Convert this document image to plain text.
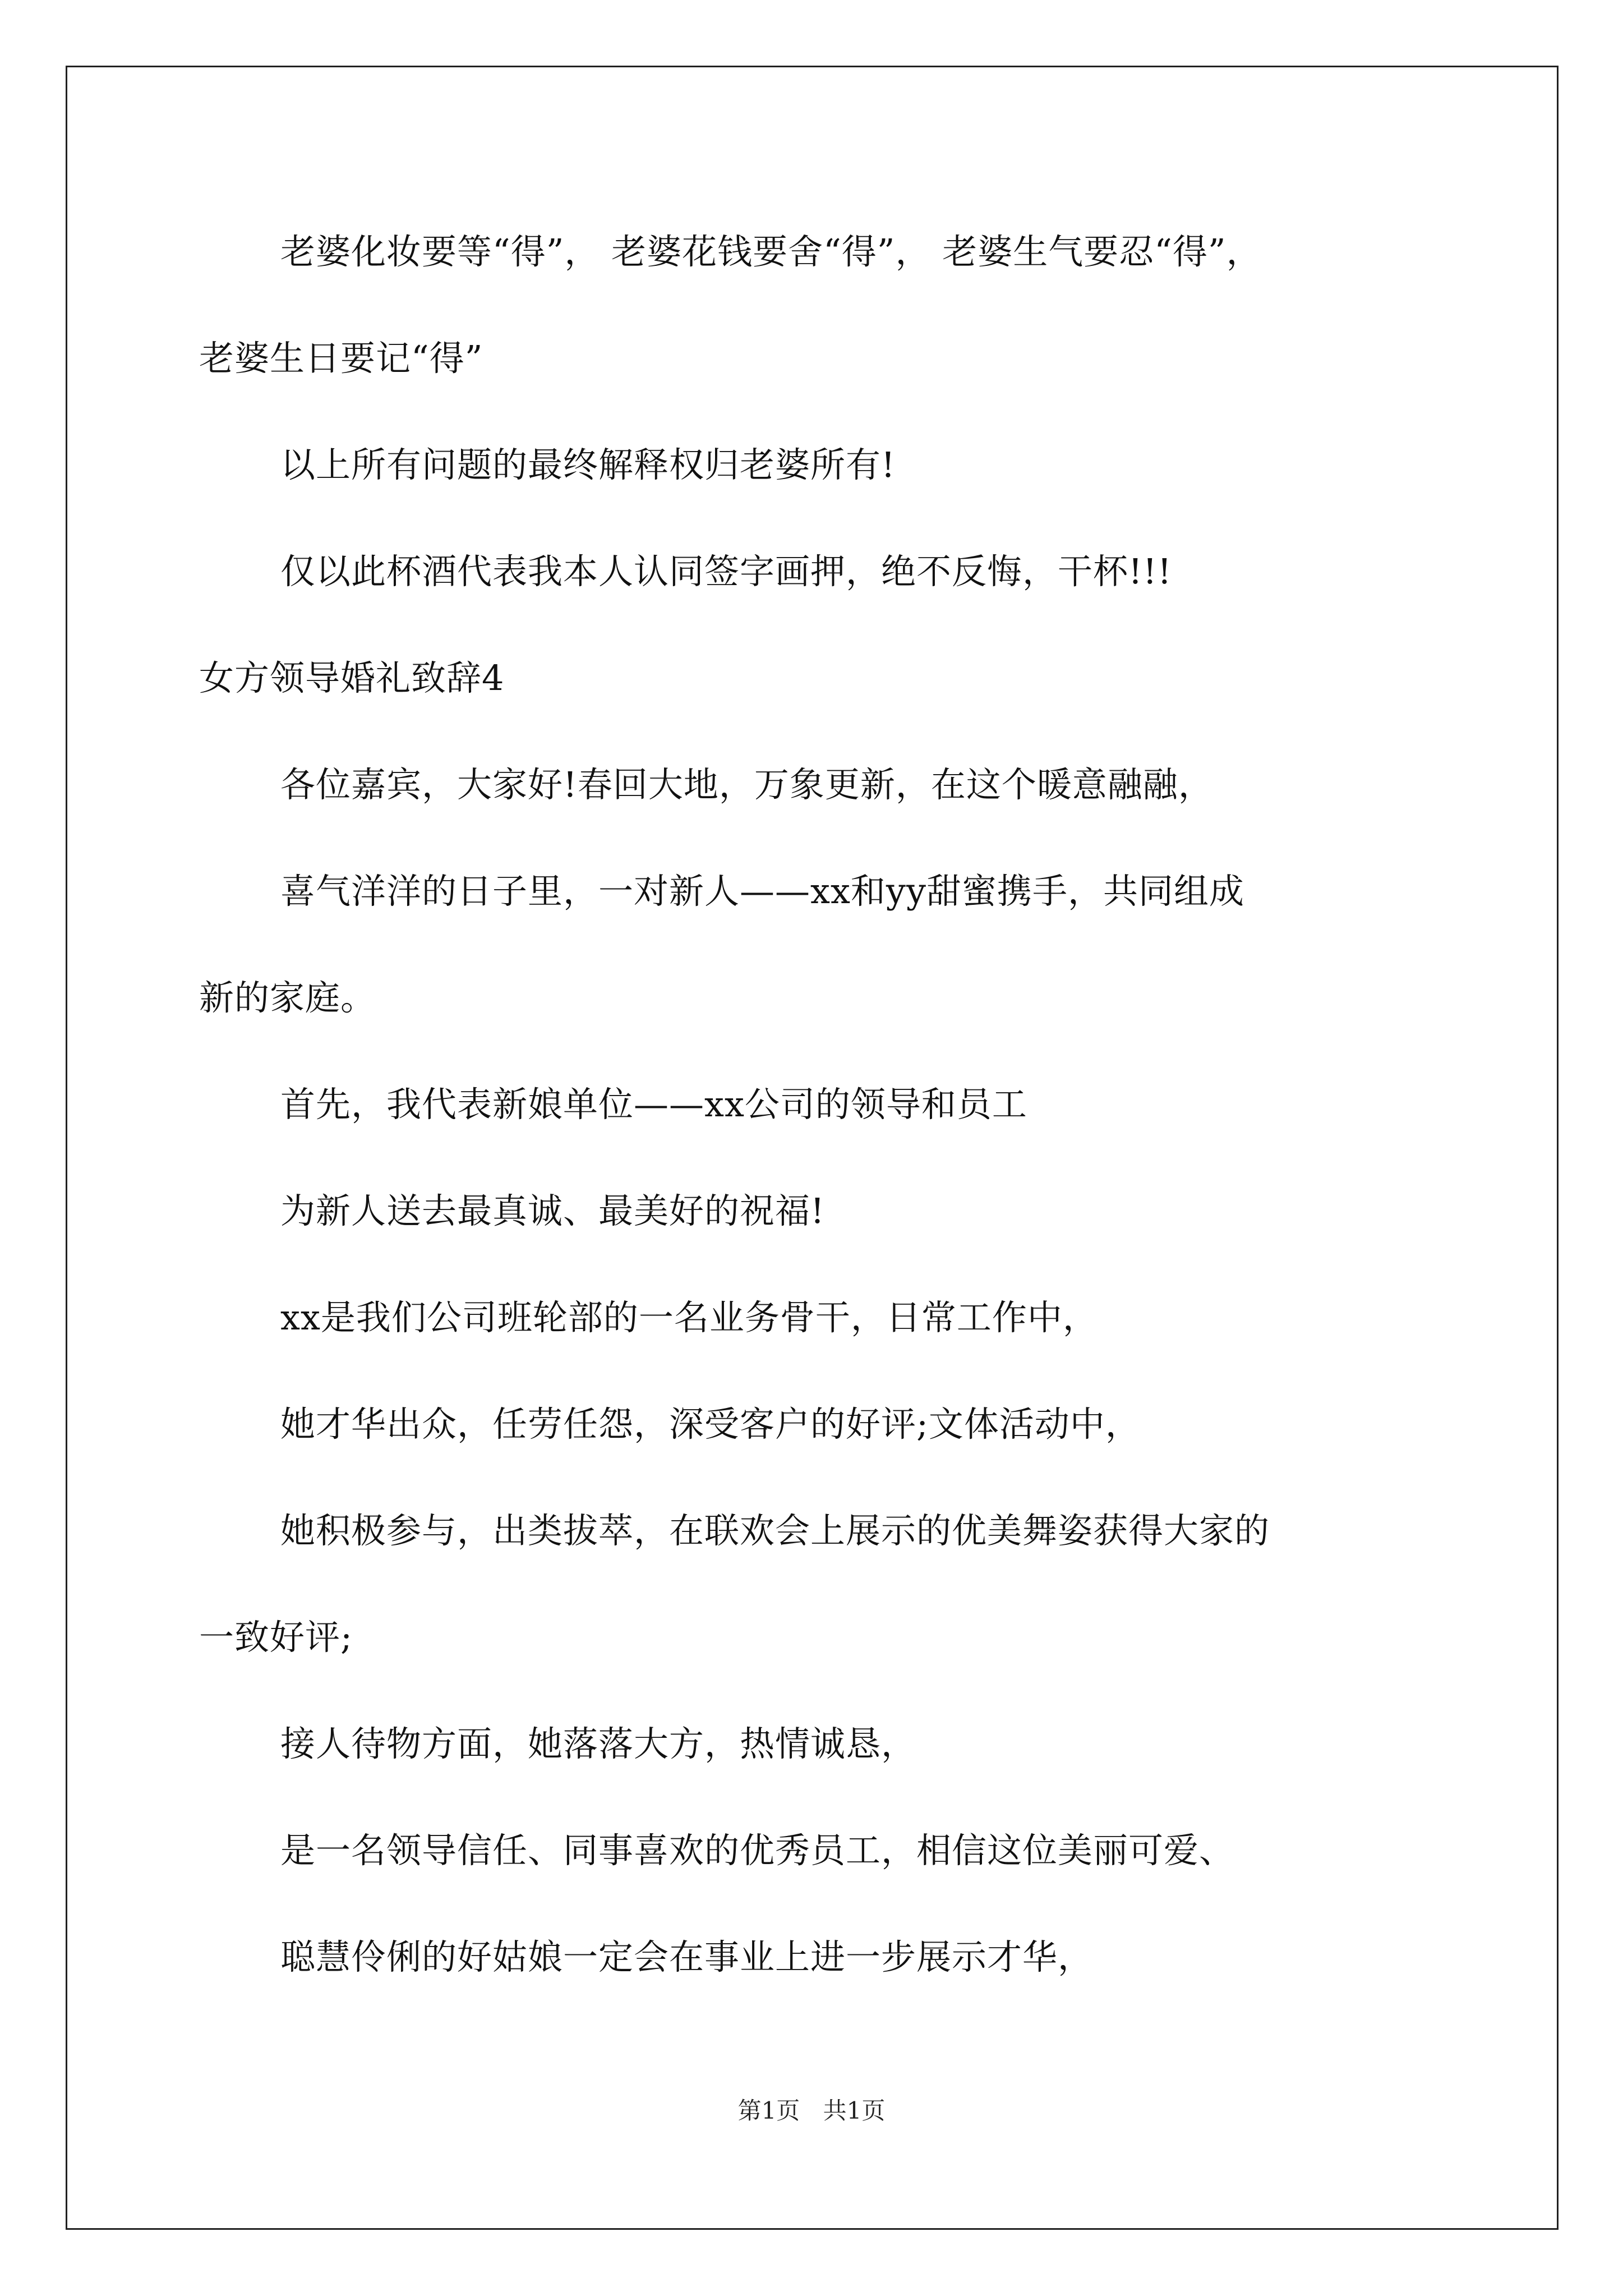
老婆化妆要等“得”， 老婆花钱要舍“得”， 老婆生气要忍“得”，
老婆生日要记“得”
以上所有问题的最终解释权归老婆所有!
仅以此杯酒代表我本人认同签字画押，绝不反悔，干杯!!!
女方领导婚礼致辞4
各位嘉宾，大家好!春回大地，万象更新，在这个暖意融融，
喜气洋洋的日子里，一对新人——xx和yy甜蜜携手，共同组成
新的家庭。
首先，我代表新娘单位——xx公司的领导和员工
为新人送去最真诚、最美好的祝福!
xx是我们公司班轮部的一名业务骨干，日常工作中，
她才华出众，任劳任怨，深受客户的好评;文体活动中，
她积极参与，出类拔萃，在联欢会上展示的优美舞姿获得大家的
一致好评;
接人待物方面，她落落大方，热情诚恳，
是一名领导信任、同事喜欢的优秀员工，相信这位美丽可爱、
聪慧伶俐的好姑娘一定会在事业上进一步展示才华，
第1页 共1页
